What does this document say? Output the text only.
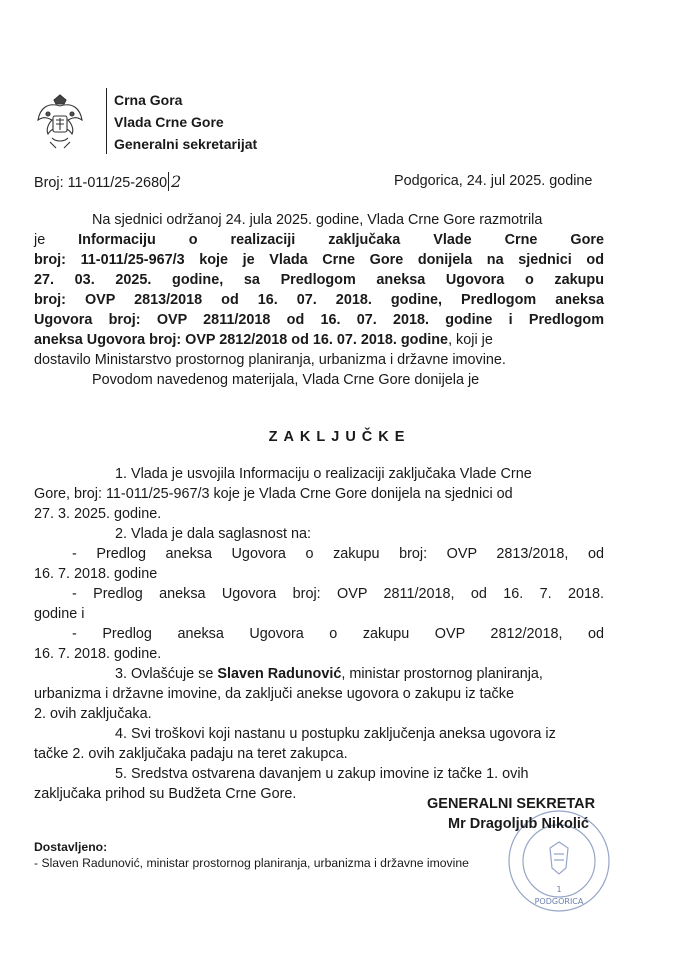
Crna Gora
Vlada Crne Gore
Generalni sekretarijat
Broj: 11-011/25-2680 2	Podgorica, 24. jul 2025. godine
Na sjednici održanoj 24. jula 2025. godine, Vlada Crne Gore razmotrila
je Informaciju o realizaciji zaključaka Vlade Crne Gore
broj: 11-011/25-967/3 koje je Vlada Crne Gore donijela na sjednici od
27. 03. 2025. godine, sa Predlogom aneksa Ugovora o zakupu
broj: OVP 2813/2018 od 16. 07. 2018. godine, Predlogom aneksa
Ugovora broj: OVP 2811/2018 od 16. 07. 2018. godine i Predlogom
aneksa Ugovora broj: OVP 2812/2018 od 16. 07. 2018. godine, koji je
dostavilo Ministarstvo prostornog planiranja, urbanizma i državne imovine.
Povodom navedenog materijala, Vlada Crne Gore donijela je
ZAKLJUČKE
1. Vlada je usvojila Informaciju o realizaciji zaključaka Vlade Crne
Gore, broj: 11-011/25-967/3 koje je Vlada Crne Gore donijela na sjednici od
27. 3. 2025. godine.
2. Vlada je dala saglasnost na:
- Predlog aneksa Ugovora o zakupu broj: OVP 2813/2018, od
16. 7. 2018. godine
- Predlog aneksa Ugovora broj: OVP 2811/2018, od 16. 7. 2018.
godine i
- Predlog aneksa Ugovora o zakupu OVP 2812/2018, od
16. 7. 2018. godine.
3. Ovlašćuje se Slaven Radunović, ministar prostornog planiranja,
urbanizma i državne imovine, da zaključi anekse ugovora o zakupu iz tačke
2. ovih zaključaka.
4. Svi troškovi koji nastanu u postupku zaključenja aneksa ugovora iz
tačke 2. ovih zaključaka padaju na teret zakupca.
5. Sredstva ostvarena davanjem u zakup imovine iz tačke 1. ovih
zaključaka prihod su Budžeta Crne Gore.
1
PODGORICA
GENERALNI SEKRETAR
Mr Dragoljub Nikolić
Dostavljeno:
- Slaven Radunović, ministar prostornog planiranja, urbanizma i državne imovine
